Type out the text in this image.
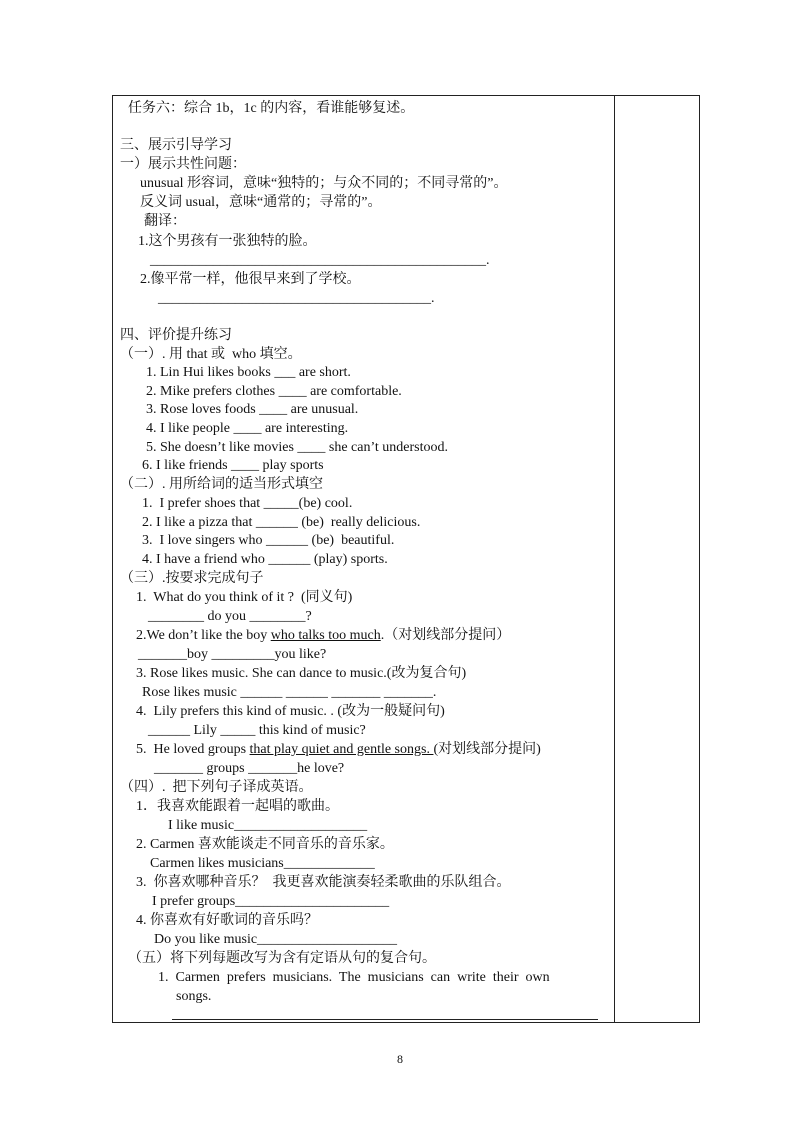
任务六：综合 1b，1c 的内容，看谁能够复述。
三、展示引导学习
一）展示共性问题：
unusual 形容词，意味“独特的；与众不同的；不同寻常的”。
反义词 usual，意味“通常的；寻常的”。
翻译：
1.这个男孩有一张独特的脸。
________________________________________________.
2.像平常一样，他很早来到了学校。
_______________________________________.
四、评价提升练习
（一）. 用 that 或  who 填空。
1. Lin Hui likes books ___ are short.
2. Mike prefers clothes ____ are comfortable.
3. Rose loves foods ____ are unusual.
4. I like people ____ are interesting.
5. She doesn’t like movies ____ she can’t understood.
6. I like friends ____ play sports
（二）. 用所给词的适当形式填空
1.  I prefer shoes that _____(be) cool.
2. I like a pizza that ______ (be)  really delicious.
3.  I love singers who ______ (be)  beautiful.
4. I have a friend who ______ (play) sports.
（三）.按要求完成句子
1.  What do you think of it ?  (同义句)
________ do you ________?
2.We don’t like the boy who talks too much.（对划线部分提问）
_______boy _________you like?
3. Rose likes music. She can dance to music.(改为复合句)
Rose likes music ______ ______ _______ _______.
4.  Lily prefers this kind of music. . (改为一般疑问句)
______ Lily _____ this kind of music?
5.  He loved groups that play quiet and gentle songs. (对划线部分提问)
_______ groups _______he love?
（四）.  把下列句子译成英语。
1．我喜欢能跟着一起唱的歌曲。
I like music___________________
2. Carmen 喜欢能谈走不同音乐的音乐家。
Carmen likes musicians_____________
3.  你喜欢哪种音乐？  我更喜欢能演奏轻柔歌曲的乐队组合。
I prefer groups______________________
4. 你喜欢有好歌词的音乐吗？
Do you like music____________________
（五）将下列每题改写为含有定语从句的复合句。
1.  Carmen  prefers  musicians.  The  musicians  can  write  their  own
songs.
8
